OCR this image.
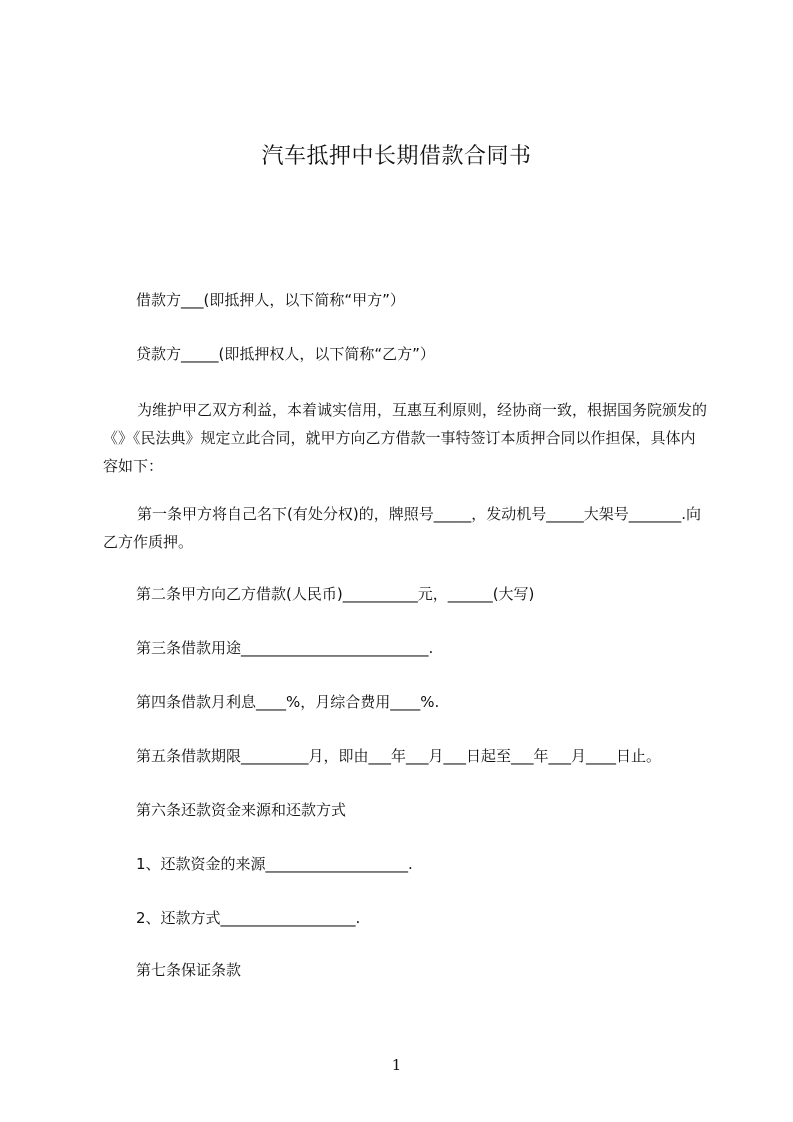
汽车抵押中长期借款合同书

借款方___(即抵押人，以下简称“甲方”）

贷款方_____(即抵押权人，以下简称“乙方”）

为维护甲乙双方利益，本着诚实信用，互惠互利原则，经协商一致，根据国务院颁发的《》《民法典》规定立此合同，就甲方向乙方借款一事特签订本质押合同以作担保，具体内容如下：

第一条甲方将自己名下(有处分权)的，牌照号_____，发动机号_____大架号_______.向乙方作质押。

第二条甲方向乙方借款(人民币)__________元，______(大写)

第三条借款用途_________________________.

第四条借款月利息____%，月综合费用____%.

第五条借款期限_________月，即由___年___月___日起至___年___月____日止。

第六条还款资金来源和还款方式

1、还款资金的来源___________________.

2、还款方式__________________.

第七条保证条款

1
